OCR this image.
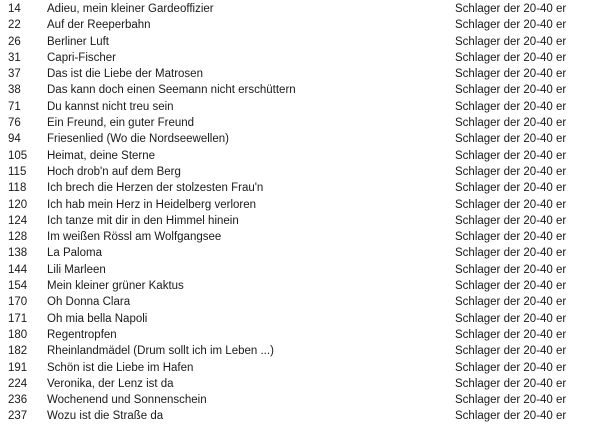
14	Adieu, mein kleiner Gardeoffizier	Schlager der 20-40 er
22	Auf der Reeperbahn	Schlager der 20-40 er
26	Berliner Luft	Schlager der 20-40 er
31	Capri-Fischer	Schlager der 20-40 er
37	Das ist die Liebe der Matrosen	Schlager der 20-40 er
38	Das kann doch einen Seemann nicht erschüttern	Schlager der 20-40 er
71	Du kannst nicht treu sein	Schlager der 20-40 er
76	Ein Freund, ein guter Freund	Schlager der 20-40 er
94	Friesenlied (Wo die Nordseewellen)	Schlager der 20-40 er
105	Heimat, deine Sterne	Schlager der 20-40 er
115	Hoch drob'n auf dem Berg	Schlager der 20-40 er
118	Ich brech die Herzen der stolzesten Frau'n	Schlager der 20-40 er
120	Ich hab mein Herz in Heidelberg verloren	Schlager der 20-40 er
124	Ich tanze mit dir in den Himmel hinein	Schlager der 20-40 er
128	Im weißen Rössl am Wolfgangsee	Schlager der 20-40 er
138	La Paloma	Schlager der 20-40 er
144	Lili Marleen	Schlager der 20-40 er
154	Mein kleiner grüner Kaktus	Schlager der 20-40 er
170	Oh Donna Clara	Schlager der 20-40 er
171	Oh mia bella Napoli	Schlager der 20-40 er
180	Regentropfen	Schlager der 20-40 er
182	Rheinlandmädel (Drum sollt ich im Leben ...)	Schlager der 20-40 er
191	Schön ist die Liebe im Hafen	Schlager der 20-40 er
224	Veronika, der Lenz ist da	Schlager der 20-40 er
236	Wochenend und Sonnenschein	Schlager der 20-40 er
237	Wozu ist die Straße da	Schlager der 20-40 er
